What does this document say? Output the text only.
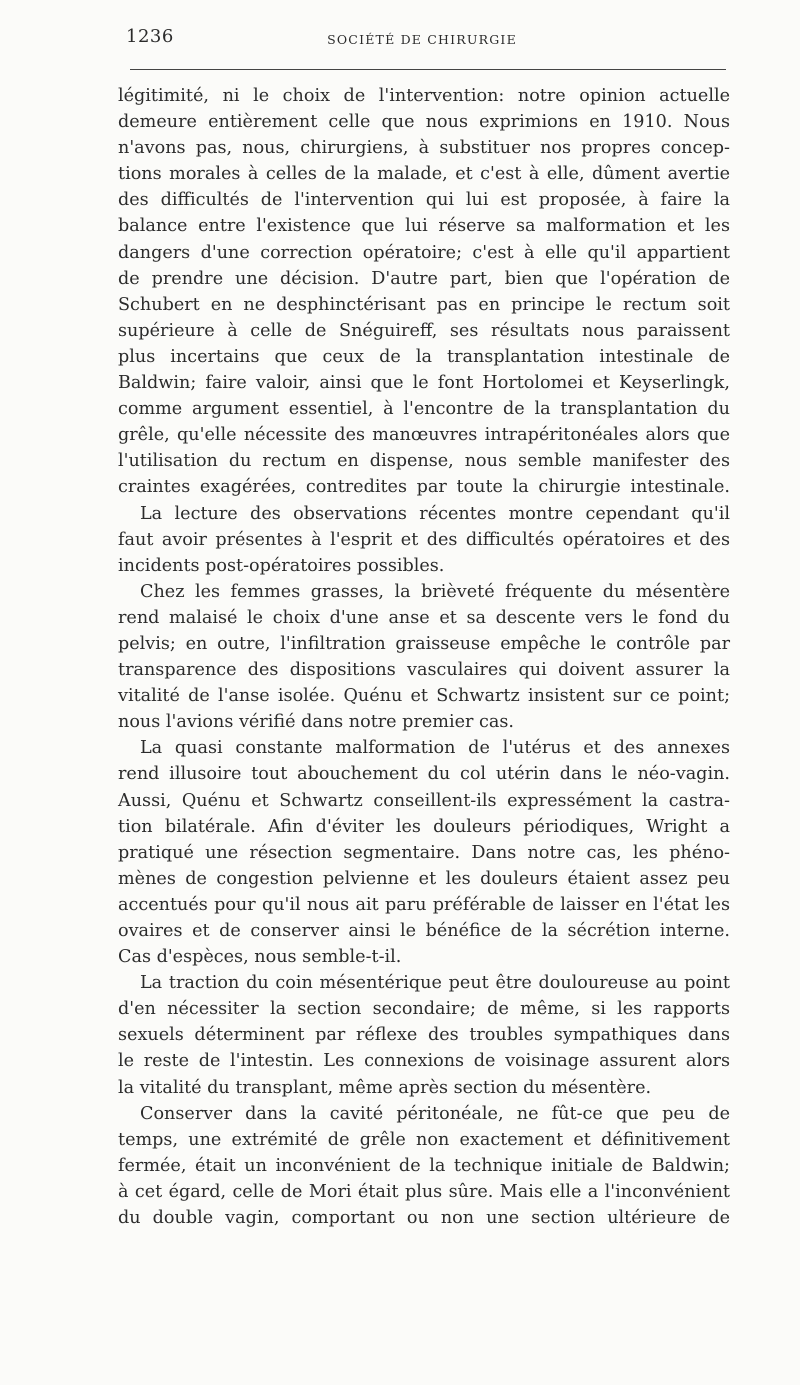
1236	SOCIÉTÉ DE CHIRURGIE
légitimité, ni le choix de l'intervention: notre opinion actuelle
demeure entièrement celle que nous exprimions en 1910. Nous
n'avons pas, nous, chirurgiens, à substituer nos propres concep-
tions morales à celles de la malade, et c'est à elle, dûment avertie
des difficultés de l'intervention qui lui est proposée, à faire la
balance entre l'existence que lui réserve sa malformation et les
dangers d'une correction opératoire; c'est à elle qu'il appartient
de prendre une décision. D'autre part, bien que l'opération de
Schubert en ne desphinctérisant pas en principe le rectum soit
supérieure à celle de Snéguireff, ses résultats nous paraissent
plus incertains que ceux de la transplantation intestinale de
Baldwin; faire valoir, ainsi que le font Hortolomei et Keyserlingk,
comme argument essentiel, à l'encontre de la transplantation du
grêle, qu'elle nécessite des manœuvres intrapéritonéales alors que
l'utilisation du rectum en dispense, nous semble manifester des
craintes exagérées, contredites par toute la chirurgie intestinale.
La lecture des observations récentes montre cependant qu'il
faut avoir présentes à l'esprit et des difficultés opératoires et des
incidents post-opératoires possibles.
Chez les femmes grasses, la brièveté fréquente du mésentère
rend malaisé le choix d'une anse et sa descente vers le fond du
pelvis; en outre, l'infiltration graisseuse empêche le contrôle par
transparence des dispositions vasculaires qui doivent assurer la
vitalité de l'anse isolée. Quénu et Schwartz insistent sur ce point;
nous l'avions vérifié dans notre premier cas.
La quasi constante malformation de l'utérus et des annexes
rend illusoire tout abouchement du col utérin dans le néo-vagin.
Aussi, Quénu et Schwartz conseillent-ils expressément la castra-
tion bilatérale. Afin d'éviter les douleurs périodiques, Wright a
pratiqué une résection segmentaire. Dans notre cas, les phéno-
mènes de congestion pelvienne et les douleurs étaient assez peu
accentués pour qu'il nous ait paru préférable de laisser en l'état les
ovaires et de conserver ainsi le bénéfice de la sécrétion interne.
Cas d'espèces, nous semble-t-il.
La traction du coin mésentérique peut être douloureuse au point
d'en nécessiter la section secondaire; de même, si les rapports
sexuels déterminent par réflexe des troubles sympathiques dans
le reste de l'intestin. Les connexions de voisinage assurent alors
la vitalité du transplant, même après section du mésentère.
Conserver dans la cavité péritonéale, ne fût-ce que peu de
temps, une extrémité de grêle non exactement et définitivement
fermée, était un inconvénient de la technique initiale de Baldwin;
à cet égard, celle de Mori était plus sûre. Mais elle a l'inconvénient
du double vagin, comportant ou non une section ultérieure de
